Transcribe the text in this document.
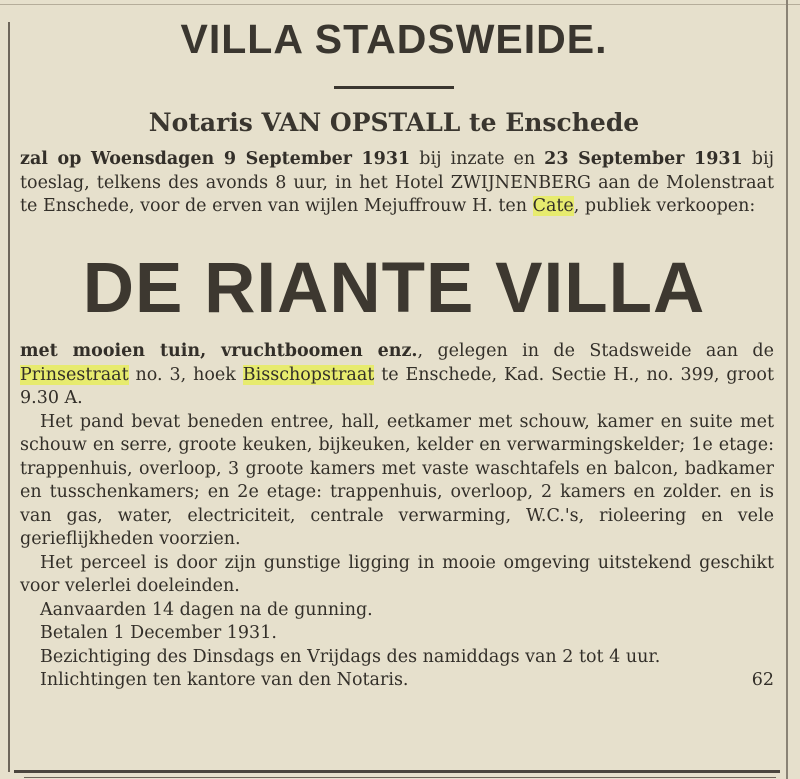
VILLA STADSWEIDE.
Notaris VAN OPSTALL te Enschede

zal op Woensdagen 9 September 1931 bij inzate en 23 September 1931 bij toeslag, telkens des avonds 8 uur, in het Hotel ZWIJNENBERG aan de Molenstraat te Enschede, voor de erven van wijlen Mejuffrouw H. ten Cate, publiek verkoopen:

DE RIANTE VILLA

met mooien tuin, vruchtboomen enz., gelegen in de Stadsweide aan de Prinsestraat no. 3, hoek Bisschopstraat te Enschede, Kad. Sectie H., no. 399, groot 9.30 A.

Het pand bevat beneden entree, hall, eetkamer met schouw, kamer en suite met schouw en serre, groote keuken, bijkeuken, kelder en verwarmingskelder; 1e etage: trappenhuis, overloop, 3 groote kamers met vaste waschtafels en balcon, badkamer en tusschenkamers; en 2e etage: trappenhuis, overloop, 2 kamers en zolder. en is van gas, water, electriciteit, centrale verwarming, W.C.'s, rioleering en vele gerieflijkheden voorzien.

Het perceel is door zijn gunstige ligging in mooie omgeving uitstekend geschikt voor velerlei doeleinden.

Aanvaarden 14 dagen na de gunning.

Betalen 1 December 1931.

Bezichtiging des Dinsdags en Vrijdags des namiddags van 2 tot 4 uur.

Inlichtingen ten kantore van den Notaris.	62
